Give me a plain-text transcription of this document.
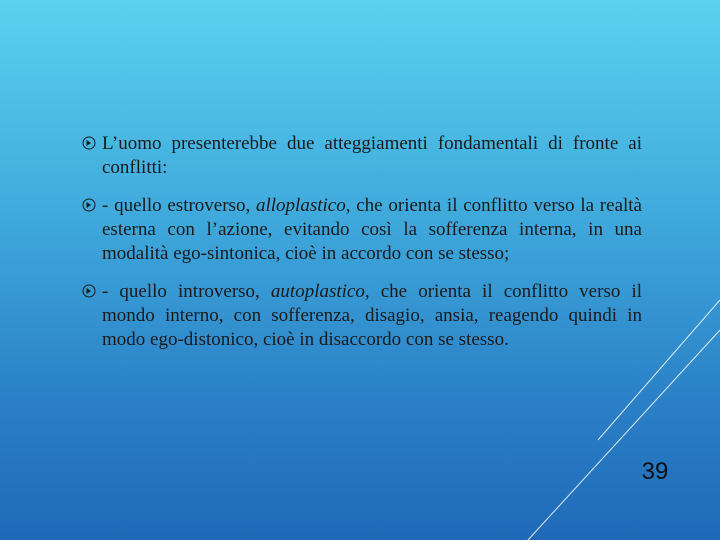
L’uomo presenterebbe due atteggiamenti fondamentali di fronte ai conflitti:
- quello estroverso, alloplastico, che orienta il conflitto verso la realtà esterna con l’azione, evitando così la sofferenza interna, in una modalità ego-sintonica, cioè in accordo con se stesso;
- quello introverso, autoplastico, che orienta il conflitto verso il mondo interno, con sofferenza, disagio, ansia, reagendo quindi in modo ego-distonico, cioè in disaccordo con se stesso.
39
